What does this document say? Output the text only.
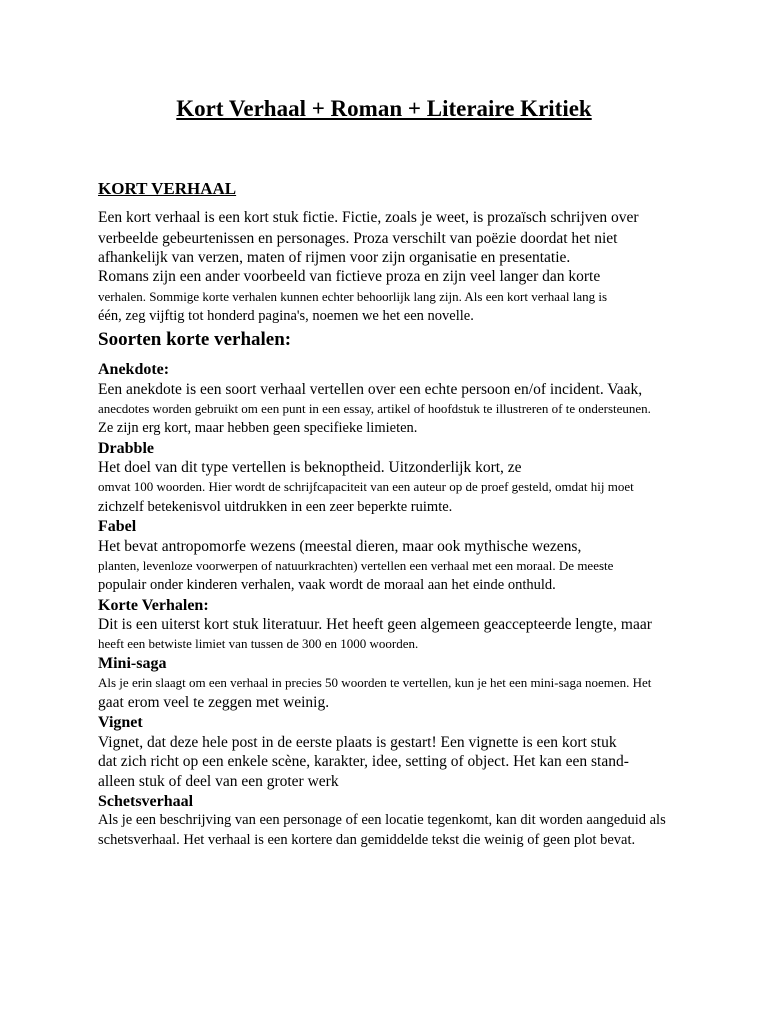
Kort Verhaal + Roman + Literaire Kritiek
KORT VERHAAL
Een kort verhaal is een kort stuk fictie. Fictie, zoals je weet, is prozaïsch schrijven over
verbeelde gebeurtenissen en personages. Proza verschilt van poëzie doordat het niet
afhankelijk van verzen, maten of rijmen voor zijn organisatie en presentatie.
Romans zijn een ander voorbeeld van fictieve proza en zijn veel langer dan korte
verhalen. Sommige korte verhalen kunnen echter behoorlijk lang zijn. Als een kort verhaal lang is
één, zeg vijftig tot honderd pagina's, noemen we het een novelle.
Soorten korte verhalen:
Anekdote:
Een anekdote is een soort verhaal vertellen over een echte persoon en/of incident. Vaak,
anecdotes worden gebruikt om een punt in een essay, artikel of hoofdstuk te illustreren of te ondersteunen.
Ze zijn erg kort, maar hebben geen specifieke limieten.
Drabble
Het doel van dit type vertellen is beknoptheid. Uitzonderlijk kort, ze
omvat 100 woorden. Hier wordt de schrijfcapaciteit van een auteur op de proef gesteld, omdat hij moet
zichzelf betekenisvol uitdrukken in een zeer beperkte ruimte.
Fabel
Het bevat antropomorfe wezens (meestal dieren, maar ook mythische wezens,
planten, levenloze voorwerpen of natuurkrachten) vertellen een verhaal met een moraal. De meeste
populair onder kinderen verhalen, vaak wordt de moraal aan het einde onthuld.
Korte Verhalen:
Dit is een uiterst kort stuk literatuur. Het heeft geen algemeen geaccepteerde lengte, maar
heeft een betwiste limiet van tussen de 300 en 1000 woorden.
Mini-saga
Als je erin slaagt om een verhaal in precies 50 woorden te vertellen, kun je het een mini-saga noemen. Het
gaat erom veel te zeggen met weinig.
Vignet
Vignet, dat deze hele post in de eerste plaats is gestart! Een vignette is een kort stuk
dat zich richt op een enkele scène, karakter, idee, setting of object. Het kan een stand-
alleen stuk of deel van een groter werk
Schetsverhaal
Als je een beschrijving van een personage of een locatie tegenkomt, kan dit worden aangeduid als
schetsverhaal. Het verhaal is een kortere dan gemiddelde tekst die weinig of geen plot bevat.
